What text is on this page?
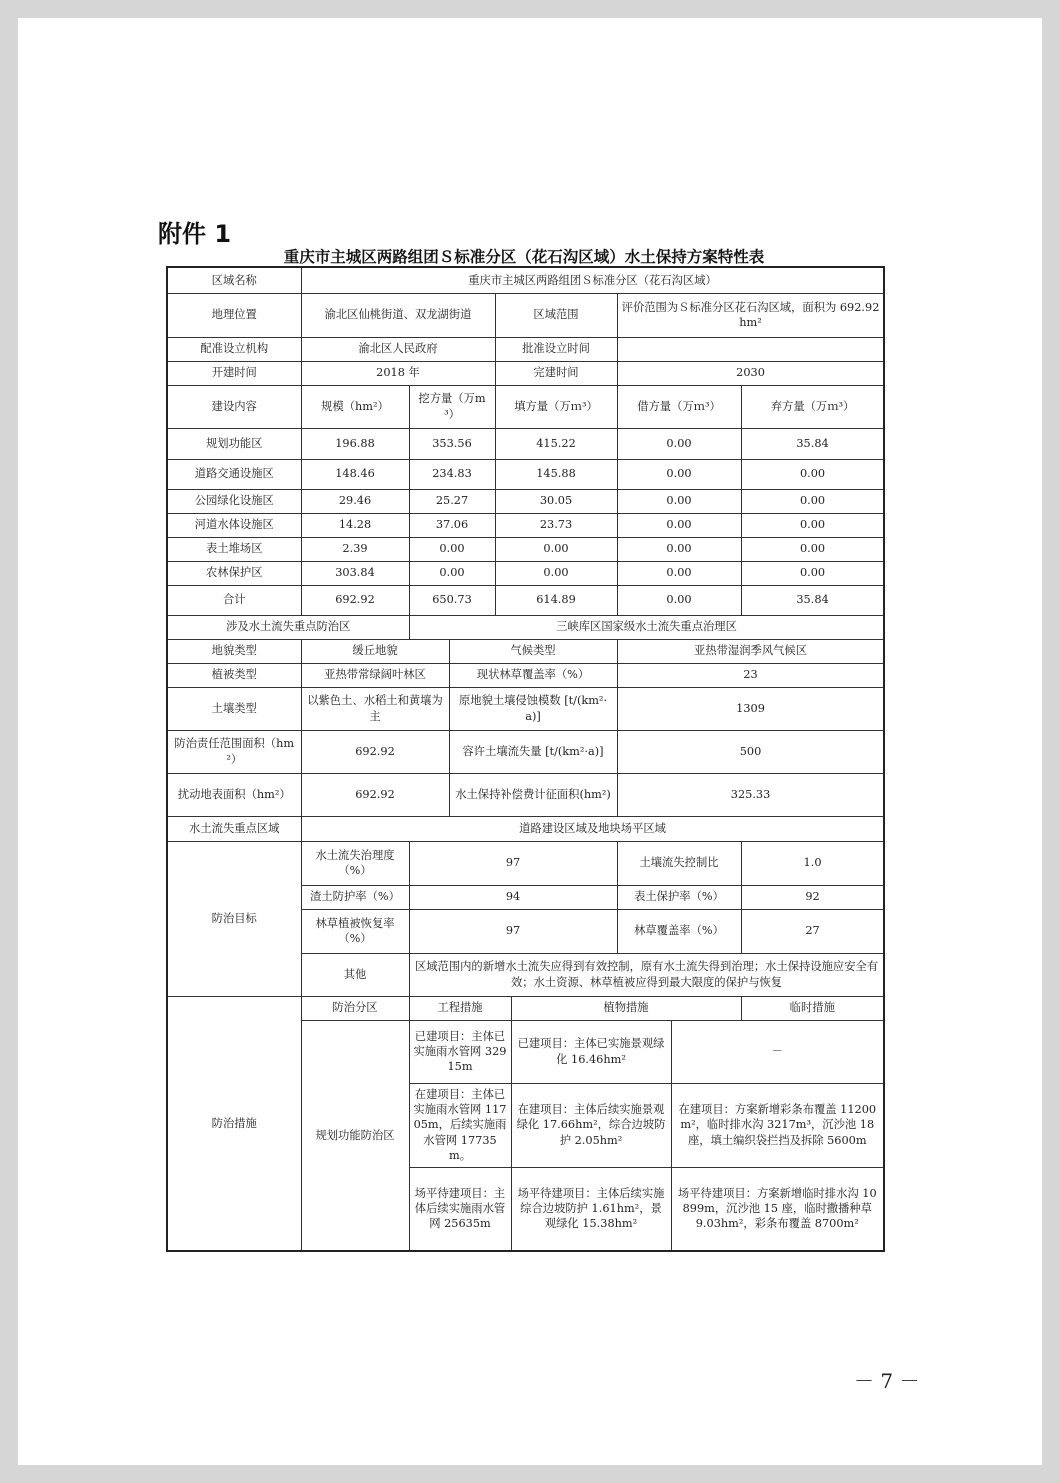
附件 1
重庆市主城区两路组团Ｓ标准分区（花石沟区域）水土保持方案特性表
区域名称	重庆市主城区两路组团Ｓ标准分区（花石沟区域）							
地理位置	渝北区仙桃街道、双龙湖街道			区域范围		评价范围为Ｓ标准分区花石沟区域，面积为 692.92hm²		
配准设立机构	渝北区人民政府			批准设立时间				
开建时间	2018 年			完建时间		2030		
建设内容	规模（hm²）	挖方量（万m³）		填方量（万ｍ³）		借方量（万ｍ³）		弃方量（万ｍ³）
规划功能区	196.88	353.56		415.22		0.00		35.84
道路交通设施区	148.46	234.83		145.88		0.00		0.00
公园绿化设施区	29.46	25.27		30.05		0.00		0.00
河道水体设施区	14.28	37.06		23.73		0.00		0.00
表土堆场区	2.39	0.00		0.00		0.00		0.00
农林保护区	303.84	0.00		0.00		0.00		0.00
合计	692.92	650.73		614.89		0.00		35.84
涉及水土流失重点防治区		三峡库区国家级水土流失重点治理区						
地貌类型	缓丘地貌		气候类型			亚热带湿润季风气候区		
植被类型	亚热带常绿阔叶林区		现状林草覆盖率（%）			23		
土壤类型	以紫色土、水稻土和黄壤为主		原地貌土壤侵蚀模数 [t/(km²·a)]			1309		
防治责任范围面积（hm²）	692.92		容许土壤流失量 [t/(km²·a)]			500		
扰动地表面积（hm²）	692.92		水土保持补偿费计征面积(hm²)			325.33		
水土流失重点区域	道路建设区域及地块场平区域							
防治目标	水土流失治理度（%）	97				土壤流失控制比		1.0
	渣土防护率（%）	94				表土保护率（%）		92
	林草植被恢复率（%）	97				林草覆盖率（%）		27
	其他	区域范围内的新增水土流失应得到有效控制，原有水土流失得到治理；水土保持设施应安全有效；水土资源、林草植被应得到最大限度的保护与恢复						
防治措施	防治分区	工程措施			植物措施			临时措施
	规划功能防治区	已建项目：主体已实施雨水管网 32915m			已建项目：主体已实施景观绿化 16.46hm²		－	
		在建项目：主体已实施雨水管网 11705m，后续实施雨水管网 17735m。			在建项目：主体后续实施景观绿化 17.66hm²，综合边坡防护 2.05hm²		在建项目：方案新增彩条布覆盖 11200m²，临时排水沟 3217m³，沉沙池 18 座，填土编织袋拦挡及拆除 5600m	
		场平待建项目：主体后续实施雨水管网 25635m			场平待建项目：主体后续实施综合边坡防护 1.61hm²，景观绿化 15.38hm²		场平待建项目：方案新增临时排水沟 10899m，沉沙池 15 座，临时撒播种草 9.03hm²，彩条布覆盖 8700m²	
－ 7 －
